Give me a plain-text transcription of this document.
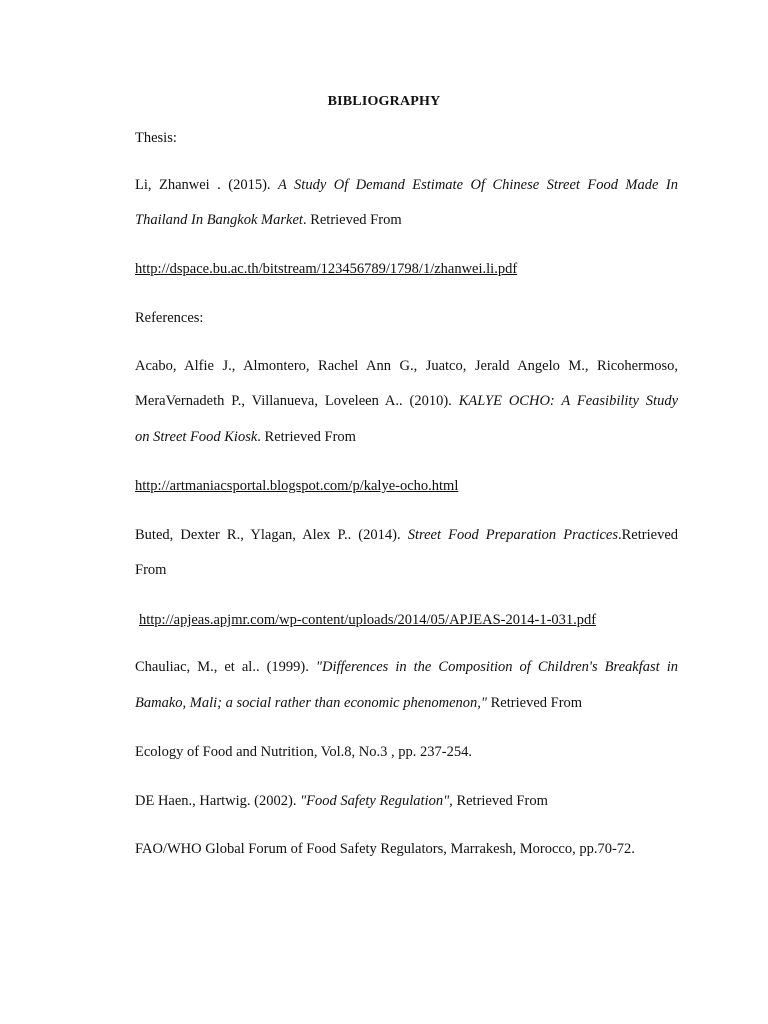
BIBLIOGRAPHY
Thesis:
Li, Zhanwei . (2015). A Study Of Demand Estimate Of Chinese Street Food Made In
Thailand In Bangkok Market. Retrieved From
http://dspace.bu.ac.th/bitstream/123456789/1798/1/zhanwei.li.pdf
References:
Acabo, Alfie J., Almontero, Rachel Ann G., Juatco, Jerald Angelo M., Ricohermoso,
MeraVernadeth P., Villanueva, Loveleen A.. (2010). KALYE OCHO: A Feasibility Study
on Street Food Kiosk. Retrieved From
http://artmaniacsportal.blogspot.com/p/kalye-ocho.html
Buted, Dexter R., Ylagan, Alex P.. (2014). Street Food Preparation Practices.Retrieved
From
http://apjeas.apjmr.com/wp-content/uploads/2014/05/APJEAS-2014-1-031.pdf
Chauliac, M., et al.. (1999). "Differences in the Composition of Children's Breakfast in
Bamako, Mali; a social rather than economic phenomenon," Retrieved From
Ecology of Food and Nutrition, Vol.8, No.3 , pp. 237-254.
DE Haen., Hartwig. (2002). "Food Safety Regulation", Retrieved From
FAO/WHO Global Forum of Food Safety Regulators, Marrakesh, Morocco, pp.70-72.
